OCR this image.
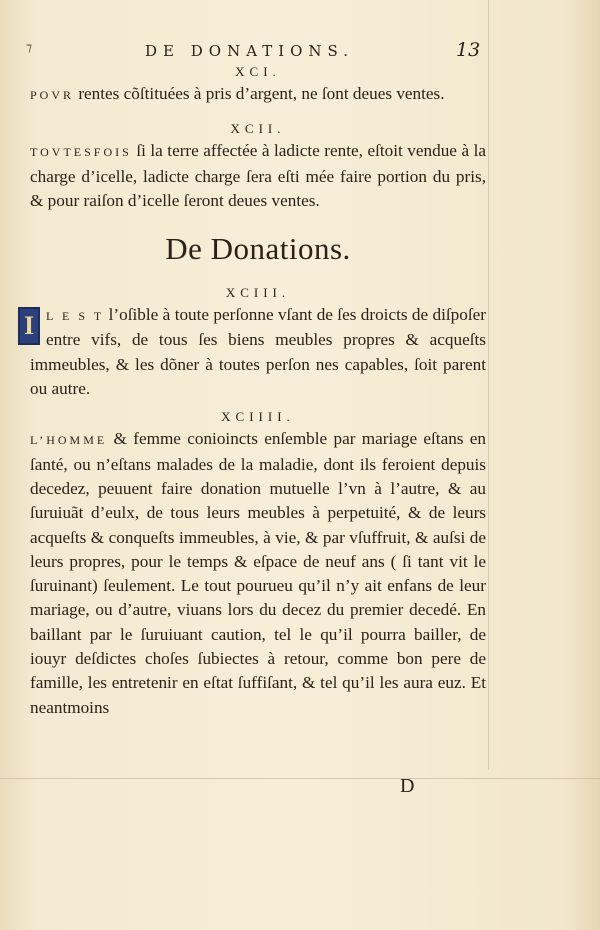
⁊	DE DONATIONS.	13
XCI.

POVR rentes cõſtituées à pris d’argent, ne ſont deues ventes.

XCII.

TOVTESFOIS ſi la terre affectée à ladicte rente, eſtoit vendue à la charge d’icelle, ladicte charge ſera eſti mée faire portion du pris, & pour raiſon d’icelle ſeront deues ventes.

De Donations.
XCIII.

I L E S T l’oſible à toute perſonne vſant de ſes droicts de diſpoſer entre vifs, de tous ſes biens meubles propres & acqueſts immeubles, & les dõner à toutes perſon nes capables, ſoit parent ou autre.

XCIIII.

L’HOMME & femme conioincts enſemble par mariage eſtans en ſanté, ou n’eſtans malades de la maladie, dont ils feroient depuis decedez, peuuent faire donation mutuelle l’vn à l’autre, & au ſuruiuãt d’eulx, de tous leurs meubles à perpetuité, & de leurs acqueſts & conqueſts immeubles, à vie, & par vſuffruit, & auſsi de leurs propres, pour le temps & eſpace de neuf ans ( ſi tant vit le ſuruinant) ſeulement. Le tout pourueu qu’il n’y ait enfans de leur mariage, ou d’autre, viuans lors du decez du premier decedé. En baillant par le ſuruiuant caution, tel le qu’il pourra bailler, de iouyr deſdictes choſes ſubiectes à retour, comme bon pere de famille, les entretenir en eſtat ſuffiſant, & tel qu’il les aura euz. Et neantmoins

D
